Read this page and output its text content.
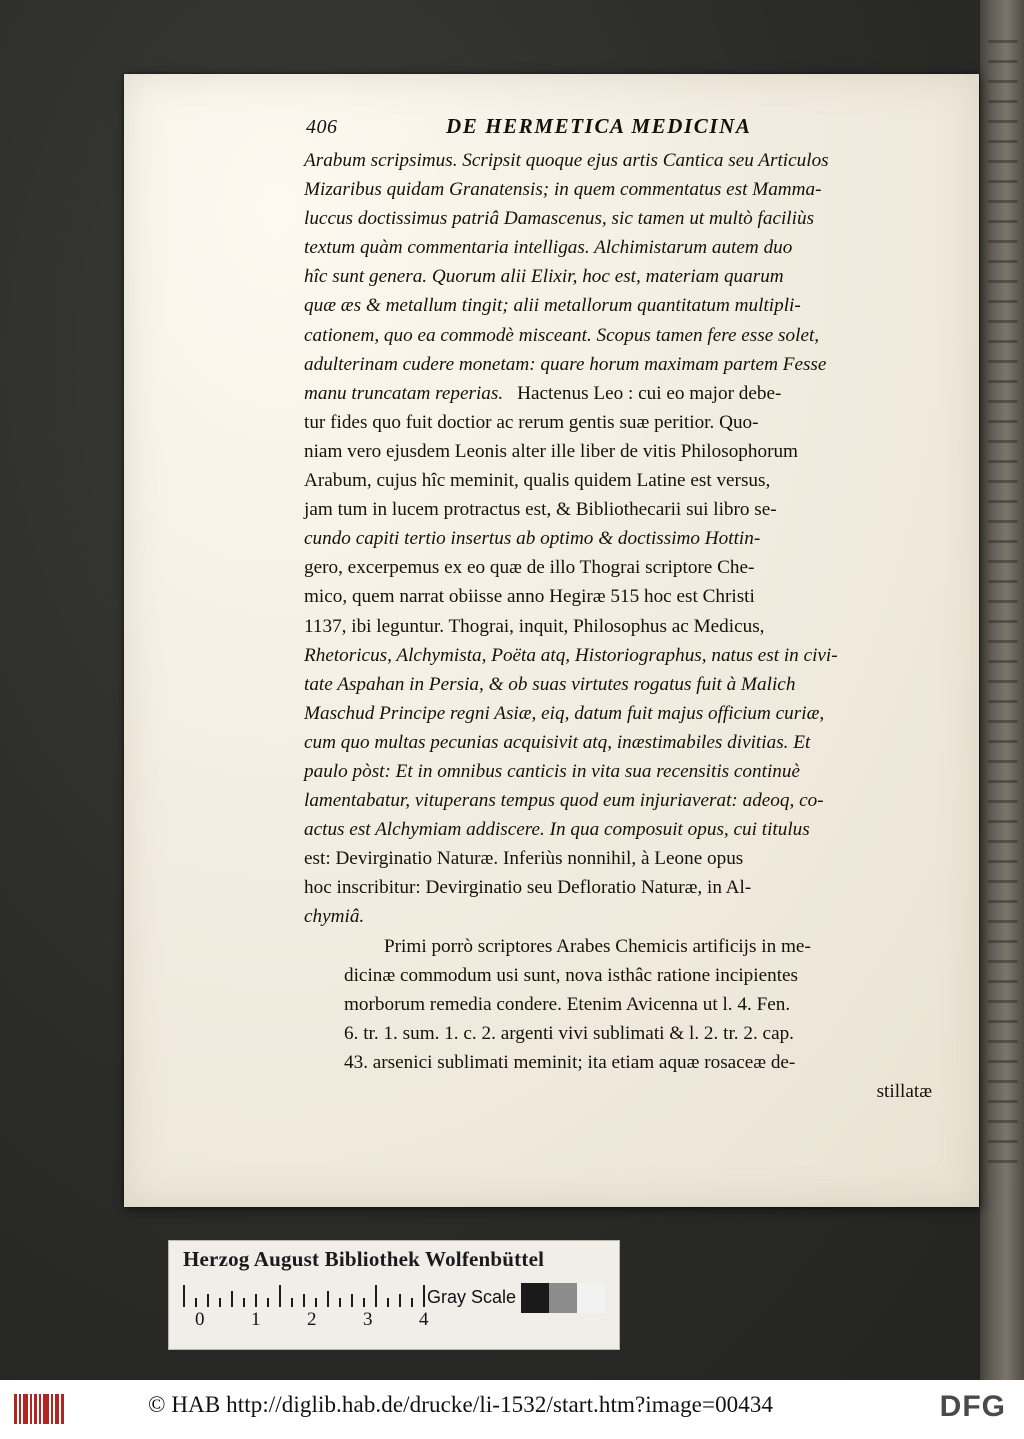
406	DE HERMETICA MEDICINA

Arabum scripsimus. Scripsit quoque ejus artis Cantica seu Articulos
Mizaribus quidam Granatensis; in quem commentatus est Mamma-
luccus doctissimus patriâ Damascenus, sic tamen ut multò faciliùs
textum quàm commentaria intelligas. Alchimistarum autem duo
hîc sunt genera. Quorum alii Elixir, hoc est, materiam quarum
quæ æs & metallum tingit; alii metallorum quantitatum multipli-
cationem, quo ea commodè misceant. Scopus tamen fere esse solet,
adulterinam cudere monetam: quare horum maximam partem Fesse
manu truncatam reperias. Hactenus Leo : cui eo major debe-

tur fides quo fuit doctior ac rerum gentis suæ peritior. Quo-
niam vero ejusdem Leonis alter ille liber de vitis Philosophorum
Arabum, cujus hîc meminit, qualis quidem Latine est versus,
jam tum in lucem protractus est, & Bibliothecarii sui libro se-
cundo capiti tertio insertus ab optimo & doctissimo Hottin-
gero, excerpemus ex eo quæ de illo Thograi scriptore Che-
mico, quem narrat obiisse anno Hegiræ 515 hoc est Christi
1137, ibi leguntur. Thograi, inquit, Philosophus ac Medicus,
Rhetoricus, Alchymista, Poëta atq, Historiographus, natus est in civi-
tate Aspahan in Persia, & ob suas virtutes rogatus fuit à Malich
Maschud Principe regni Asiæ, eiq, datum fuit majus officium curiæ,
cum quo multas pecunias acquisivit atq, inæstimabiles divitias. Et
paulo pòst: Et in omnibus canticis in vita sua recensitis continuè
lamentabatur, vituperans tempus quod eum injuriaverat: adeoq, co-
actus est Alchymiam addiscere. In qua composuit opus, cui titulus
est: Devirginatio Naturæ. Inferiùs nonnihil, à Leone opus
hoc inscribitur: Devirginatio seu Defloratio Naturæ, in Al-
chymiâ.

Primi porrò scriptores Arabes Chemicis artificijs in me-
dicinæ commodum usi sunt, nova isthâc ratione incipientes
morborum remedia condere. Etenim Avicenna ut l. 4. Fen.
6. tr. 1. sum. 1. c. 2. argenti vivi sublimati & l. 2. tr. 2. cap.
43. arsenici sublimati meminit; ita etiam aquæ rosaceæ de-
stillatæ

Herzog August Bibliothek Wolfenbüttel
0 1 2 3 4
Gray Scale
© HAB http://diglib.hab.de/drucke/li-1532/start.htm?image=00434	DFG
